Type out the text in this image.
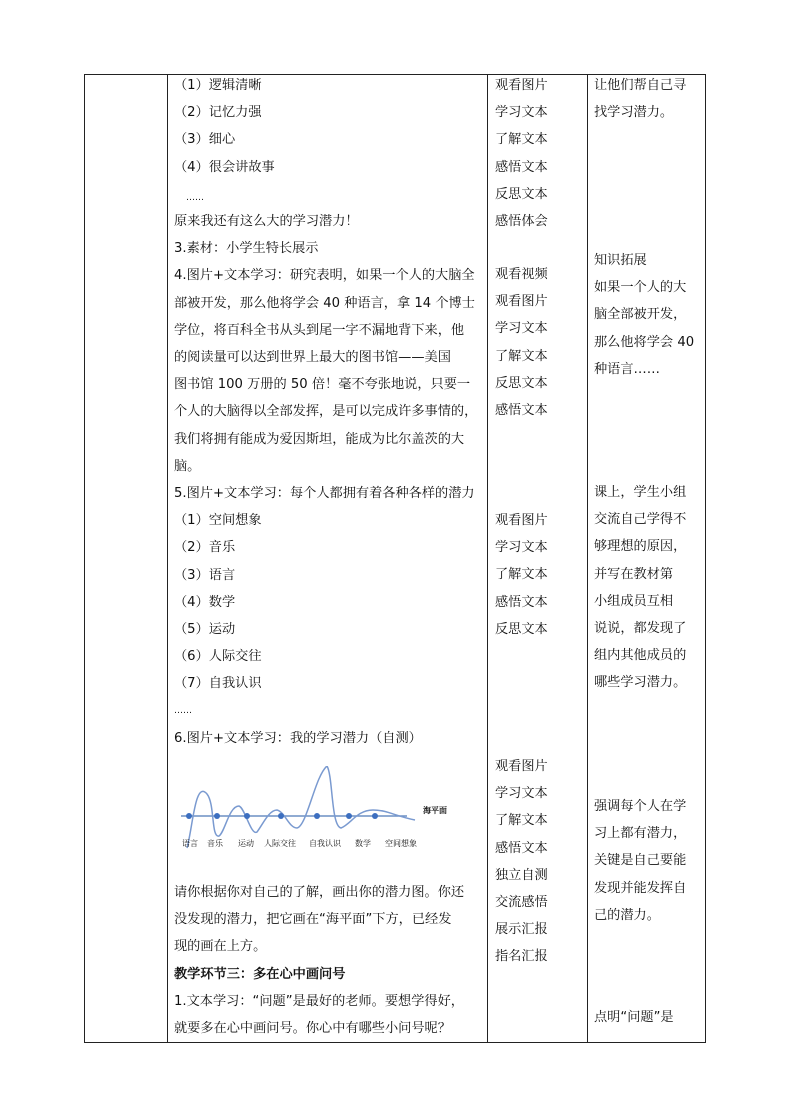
海平面
语言 音乐 运动 人际交往 自我认识 数学 空间想象
（1）逻辑清晰
（2）记忆力强
（3）细心
（4）很会讲故事
……
原来我还有这么大的学习潜力！
3.素材：小学生特长展示
4.图片+文本学习：研究表明，如果一个人的大脑全
部被开发，那么他将学会 40 种语言，拿 14 个博士
学位，将百科全书从头到尾一字不漏地背下来，他
的阅读量可以达到世界上最大的图书馆——美国
图书馆 100 万册的 50 倍！毫不夸张地说，只要一
个人的大脑得以全部发挥，是可以完成许多事情的，
我们将拥有能成为爱因斯坦，能成为比尔盖茨的大
脑。
5.图片+文本学习：每个人都拥有着各种各样的潜力
（1）空间想象
（2）音乐
（3）语言
（4）数学
（5）运动
（6）人际交往
（7）自我认识
……
6.图片+文本学习：我的学习潜力（自测）
请你根据你对自己的了解，画出你的潜力图。你还
没发现的潜力，把它画在“海平面”下方，已经发
现的画在上方。
教学环节三：多在心中画问号
1.文本学习：“问题”是最好的老师。要想学得好，
就要多在心中画问号。你心中有哪些小问号呢？
观看图片
学习文本
了解文本
感悟文本
反思文本
感悟体会
观看视频
观看图片
学习文本
了解文本
反思文本
感悟文本
观看图片
学习文本
了解文本
感悟文本
反思文本
观看图片
学习文本
了解文本
感悟文本
独立自测
交流感悟
展示汇报
指名汇报
让他们帮自己寻
找学习潜力。
知识拓展
如果一个人的大
脑全部被开发，
那么他将学会 40
种语言……
课上，学生小组
交流自己学得不
够理想的原因，
并写在教材第
小组成员互相
说说，都发现了
组内其他成员的
哪些学习潜力。
强调每个人在学
习上都有潜力，
关键是自己要能
发现并能发挥自
己的潜力。
点明“问题”是
